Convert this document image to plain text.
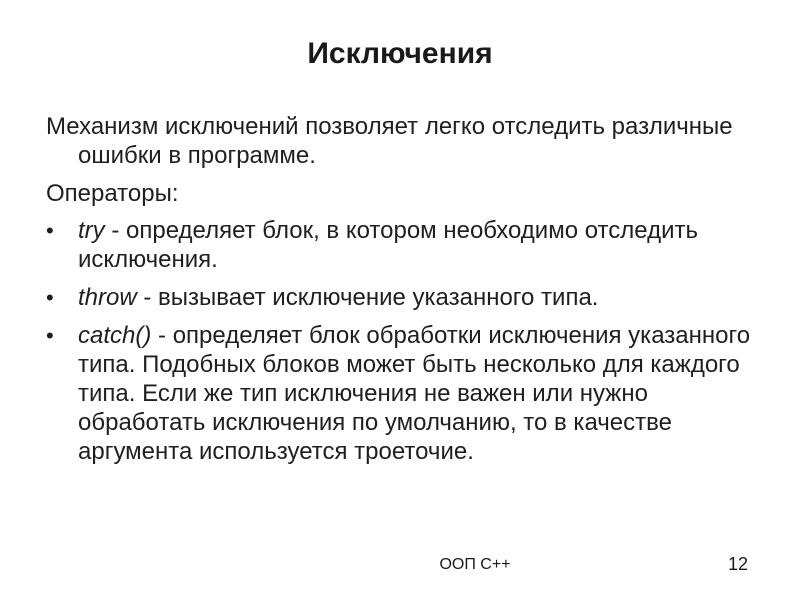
Исключения

Механизм исключений позволяет легко отследить различные ошибки в программе.

Операторы:

•	try - определяет блок, в котором необходимо отследить исключения.
•	throw - вызывает исключение указанного типа.
•	catch() - определяет блок обработки исключения указанного типа. Подобных блоков может быть несколько для каждого типа. Если же тип исключения не важен или нужно обработать исключения по умолчанию, то в качестве аргумента используется троеточие.
ООП C++	12
